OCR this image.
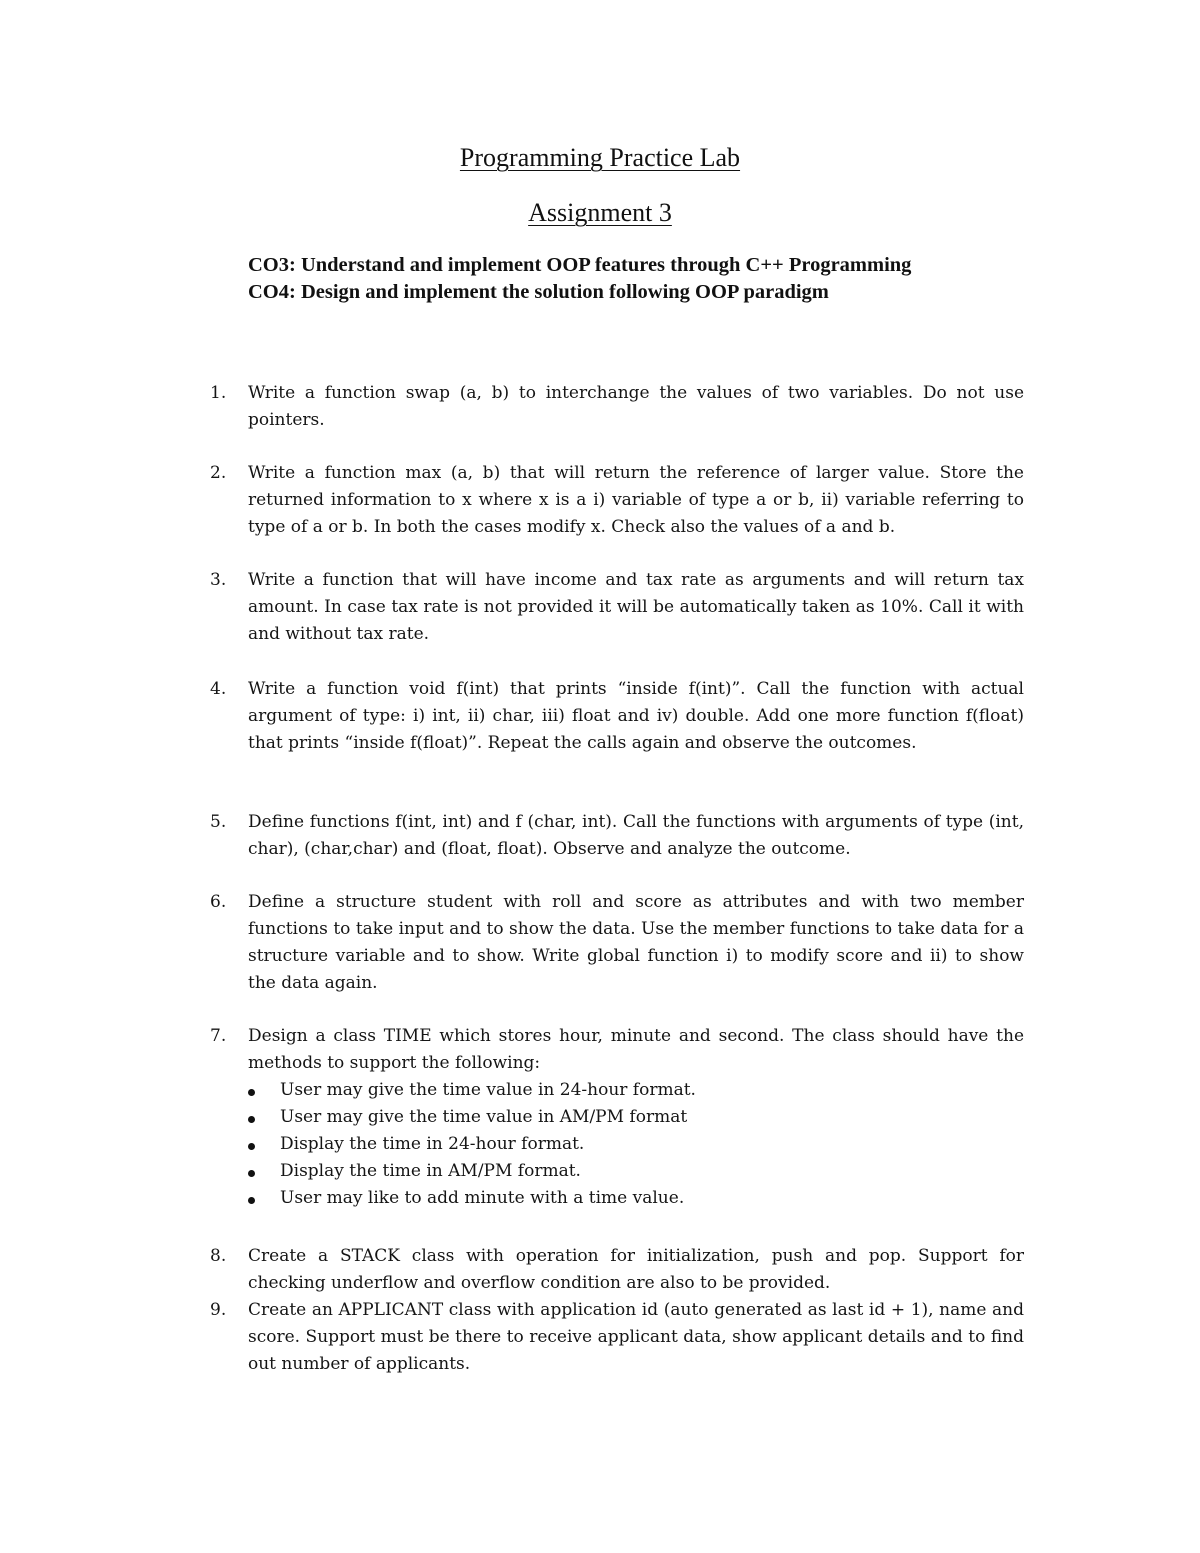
Programming Practice Lab
Assignment 3
CO3: Understand and implement OOP features through C++ Programming
CO4: Design and implement the solution following OOP paradigm
1.	Write a function swap (a, b) to interchange the values of two variables. Do not use pointers.
2.	Write a function max (a, b) that will return the reference of larger value. Store the returned information to x where x is a i) variable of type a or b, ii) variable referring to type of a or b. In both the cases modify x. Check also the values of a and b.
3.	Write a function that will have income and tax rate as arguments and will return tax amount. In case tax rate is not provided it will be automatically taken as 10%. Call it with and without tax rate.
4.	Write a function void f(int) that prints “inside f(int)”. Call the function with actual argument of type: i) int, ii) char, iii) float and iv) double. Add one more function f(float) that prints “inside f(float)”. Repeat the calls again and observe the outcomes.
5.	Define functions f(int, int) and f (char, int). Call the functions with arguments of type (int, char), (char,char) and (float, float). Observe and analyze the outcome.
6.	Define a structure student with roll and score as attributes and with two member functions to take input and to show the data. Use the member functions to take data for a structure variable and to show. Write global function i) to modify score and ii) to show the data again.
7.	Design a class TIME which stores hour, minute and second. The class should have the methods to support the following:
User may give the time value in 24-hour format.
User may give the time value in AM/PM format
Display the time in 24-hour format.
Display the time in AM/PM format.
User may like to add minute with a time value.
8.	Create a STACK class with operation for initialization, push and pop. Support for checking underflow and overflow condition are also to be provided.
9.	Create an APPLICANT class with application id (auto generated as last id + 1), name and score. Support must be there to receive applicant data, show applicant details and to find out number of applicants.
